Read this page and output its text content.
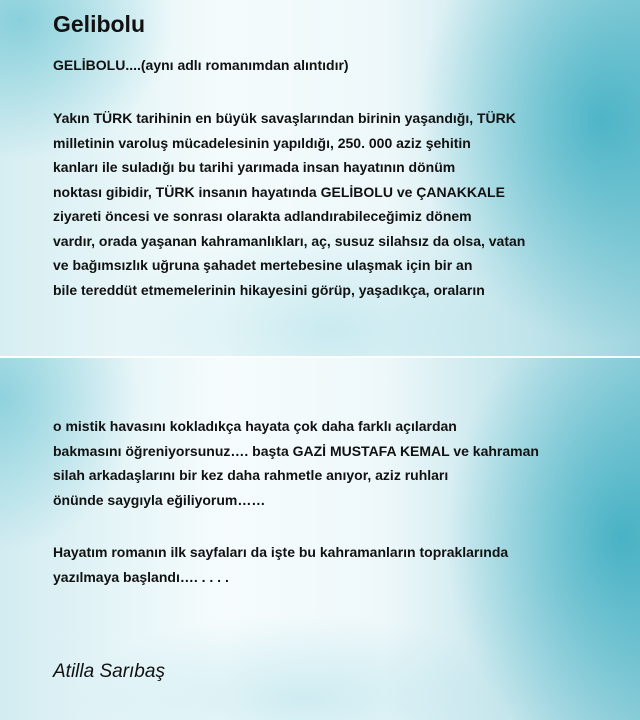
Gelibolu
GELİBOLU....(aynı adlı romanımdan alıntıdır)
Yakın TÜRK tarihinin en büyük savaşlarından birinin yaşandığı, TÜRK
milletinin varoluş mücadelesinin yapıldığı, 250. 000 aziz şehitin
kanları ile suladığı bu tarihi yarımada insan hayatının dönüm
noktası gibidir, TÜRK insanın hayatında GELİBOLU ve ÇANAKKALE
ziyareti öncesi ve sonrası olarakta adlandırabileceğimiz dönem
vardır, orada yaşanan kahramanlıkları, aç, susuz silahsız da olsa, vatan
ve bağımsızlık uğruna şahadet mertebesine ulaşmak için bir an
bile tereddüt etmemelerinin hikayesini görüp, yaşadıkça, oraların
o mistik havasını kokladıkça hayata çok daha farklı açılardan
bakmasını öğreniyorsunuz…. başta GAZİ MUSTAFA KEMAL ve kahraman
silah arkadaşlarını bir kez daha rahmetle anıyor, aziz ruhları
önünde saygıyla eğiliyorum……
Hayatım romanın ilk sayfaları da işte bu kahramanların topraklarında
yazılmaya başlandı…. . . . .
Atilla Sarıbaş
